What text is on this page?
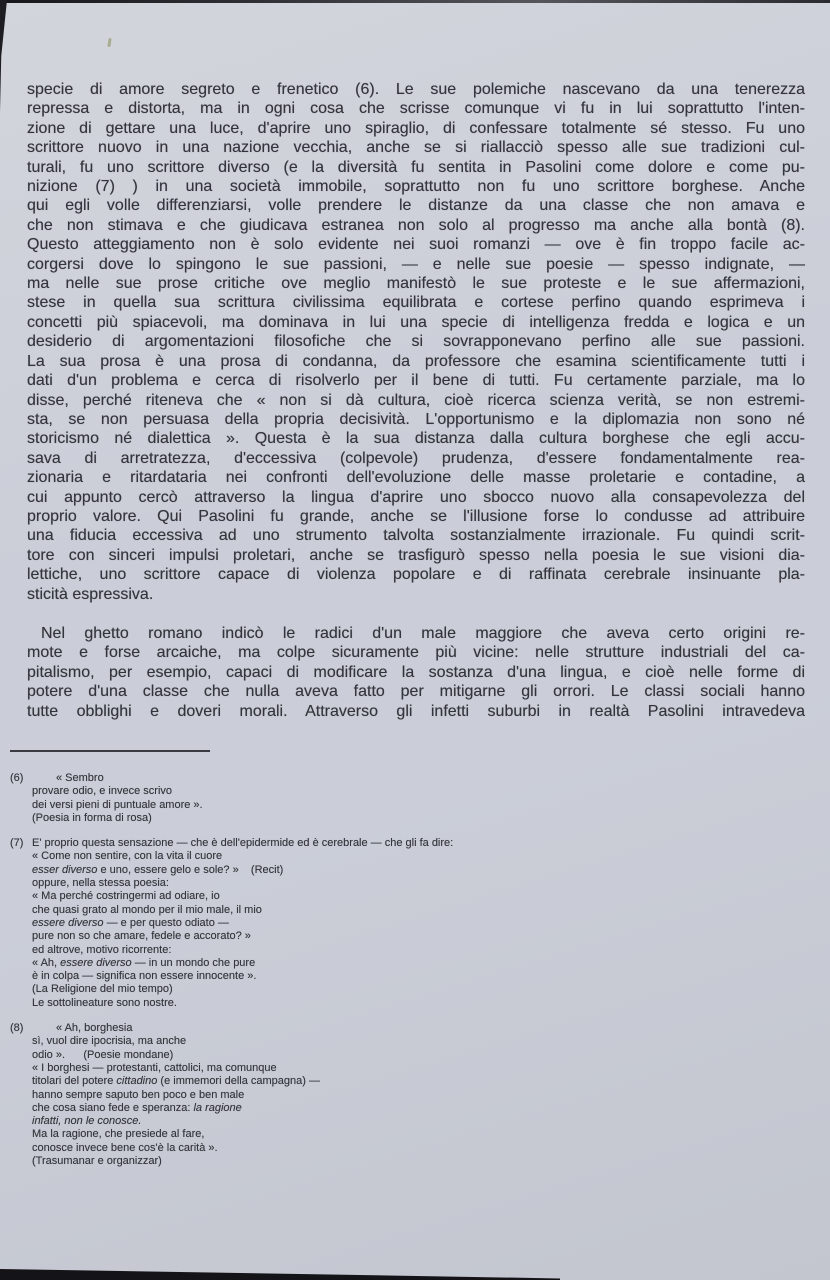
specie di amore segreto e frenetico (6). Le sue polemiche nascevano da una tenerezza
repressa e distorta, ma in ogni cosa che scrisse comunque vi fu in lui soprattutto l'inten-
zione di gettare una luce, d'aprire uno spiraglio, di confessare totalmente sé stesso. Fu uno
scrittore nuovo in una nazione vecchia, anche se si riallacciò spesso alle sue tradizioni cul-
turali, fu uno scrittore diverso (e la diversità fu sentita in Pasolini come dolore e come pu-
nizione (7) ) in una società immobile, soprattutto non fu uno scrittore borghese. Anche
qui egli volle differenziarsi, volle prendere le distanze da una classe che non amava e
che non stimava e che giudicava estranea non solo al progresso ma anche alla bontà (8).
Questo atteggiamento non è solo evidente nei suoi romanzi — ove è fin troppo facile ac-
corgersi dove lo spingono le sue passioni, — e nelle sue poesie — spesso indignate, —
ma nelle sue prose critiche ove meglio manifestò le sue proteste e le sue affermazioni,
stese in quella sua scrittura civilissima equilibrata e cortese perfino quando esprimeva i
concetti più spiacevoli, ma dominava in lui una specie di intelligenza fredda e logica e un
desiderio di argomentazioni filosofiche che si sovrapponevano perfino alle sue passioni.
La sua prosa è una prosa di condanna, da professore che esamina scientificamente tutti i
dati d'un problema e cerca di risolverlo per il bene di tutti. Fu certamente parziale, ma lo
disse, perché riteneva che « non si dà cultura, cioè ricerca scienza verità, se non estremi-
sta, se non persuasa della propria decisività. L'opportunismo e la diplomazia non sono né
storicismo né dialettica ». Questa è la sua distanza dalla cultura borghese che egli accu-
sava di arretratezza, d'eccessiva (colpevole) prudenza, d'essere fondamentalmente rea-
zionaria e ritardataria nei confronti dell'evoluzione delle masse proletarie e contadine, a
cui appunto cercò attraverso la lingua d'aprire uno sbocco nuovo alla consapevolezza del
proprio valore. Qui Pasolini fu grande, anche se l'illusione forse lo condusse ad attribuire
una fiducia eccessiva ad uno strumento talvolta sostanzialmente irrazionale. Fu quindi scrit-
tore con sinceri impulsi proletari, anche se trasfigurò spesso nella poesia le sue visioni dia-
lettiche, uno scrittore capace di violenza popolare e di raffinata cerebrale insinuante pla-
sticità espressiva.
Nel ghetto romano indicò le radici d'un male maggiore che aveva certo origini re-
mote e forse arcaiche, ma colpe sicuramente più vicine: nelle strutture industriali del ca-
pitalismo, per esempio, capaci di modificare la sostanza d'una lingua, e cioè nelle forme di
potere d'una classe che nulla aveva fatto per mitigarne gli orrori. Le classi sociali hanno
tutte obblighi e doveri morali. Attraverso gli infetti suburbi in realtà Pasolini intravedeva
(6)	« Sembro
provare odio, e invece scrivo
dei versi pieni di puntuale amore ».
(Poesia in forma di rosa)
(7) E' proprio questa sensazione — che è dell'epidermide ed è cerebrale — che gli fa dire:
« Come non sentire, con la vita il cuore
esser diverso e uno, essere gelo e sole? »    (Recit)
oppure, nella stessa poesia:
« Ma perché costringermi ad odiare, io
che quasi grato al mondo per il mio male, il mio
essere diverso — e per questo odiato —
pure non so che amare, fedele e accorato? »
ed altrove, motivo ricorrente:
« Ah, essere diverso — in un mondo che pure
è in colpa — significa non essere innocente ».
(La Religione del mio tempo)
Le sottolineature sono nostre.
(8)	« Ah, borghesia
sì, vuol dire ipocrisia, ma anche
odio ».      (Poesie mondane)
« I borghesi — protestanti, cattolici, ma comunque
titolari del potere cittadino (e immemori della campagna) —
hanno sempre saputo ben poco e ben male
che cosa siano fede e speranza: la ragione
infatti, non le conosce.
Ma la ragione, che presiede al fare,
conosce invece bene cos'è la carità ».
(Trasumanar e organizzar)
